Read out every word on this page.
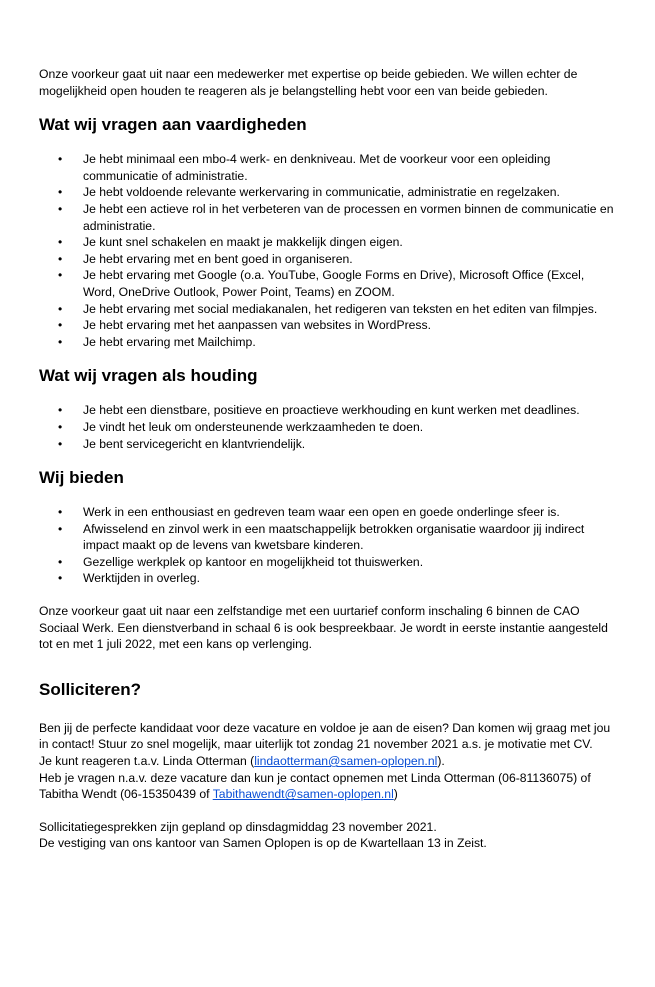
Onze voorkeur gaat uit naar een medewerker met expertise op beide gebieden. We willen echter de mogelijkheid open houden te reageren als je belangstelling hebt voor een van beide gebieden.

Wat wij vragen aan vaardigheden
• Je hebt minimaal een mbo-4 werk- en denkniveau. Met de voorkeur voor een opleiding communicatie of administratie.
• Je hebt voldoende relevante werkervaring in communicatie, administratie en regelzaken.
• Je hebt een actieve rol in het verbeteren van de processen en vormen binnen de communicatie en administratie.
• Je kunt snel schakelen en maakt je makkelijk dingen eigen.
• Je hebt ervaring met en bent goed in organiseren.
• Je hebt ervaring met Google (o.a. YouTube, Google Forms en Drive), Microsoft Office (Excel, Word, OneDrive Outlook, Power Point, Teams) en ZOOM.
• Je hebt ervaring met social mediakanalen, het redigeren van teksten en het editen van filmpjes.
• Je hebt ervaring met het aanpassen van websites in WordPress.
• Je hebt ervaring met Mailchimp.
Wat wij vragen als houding
• Je hebt een dienstbare, positieve en proactieve werkhouding en kunt werken met deadlines.
• Je vindt het leuk om ondersteunende werkzaamheden te doen.
• Je bent servicegericht en klantvriendelijk.
Wij bieden
• Werk in een enthousiast en gedreven team waar een open en goede onderlinge sfeer is.
• Afwisselend en zinvol werk in een maatschappelijk betrokken organisatie waardoor jij indirect impact maakt op de levens van kwetsbare kinderen.
• Gezellige werkplek op kantoor en mogelijkheid tot thuiswerken.
• Werktijden in overleg.

Onze voorkeur gaat uit naar een zelfstandige met een uurtarief conform inschaling 6 binnen de CAO Sociaal Werk. Een dienstverband in schaal 6 is ook bespreekbaar. Je wordt in eerste instantie aangesteld tot en met 1 juli 2022, met een kans op verlenging.

Solliciteren?

Ben jij de perfecte kandidaat voor deze vacature en voldoe je aan de eisen? Dan komen wij graag met jou in contact! Stuur zo snel mogelijk, maar uiterlijk tot zondag 21 november 2021 a.s. je motivatie met CV.

Je kunt reageren t.a.v. Linda Otterman (lindaotterman@samen-oplopen.nl).

Heb je vragen n.a.v. deze vacature dan kun je contact opnemen met Linda Otterman (06-81136075) of Tabitha Wendt (06-15350439 of Tabithawendt@samen-oplopen.nl)

Sollicitatiegesprekken zijn gepland op dinsdagmiddag 23 november 2021.

De vestiging van ons kantoor van Samen Oplopen is op de Kwartellaan 13 in Zeist.
